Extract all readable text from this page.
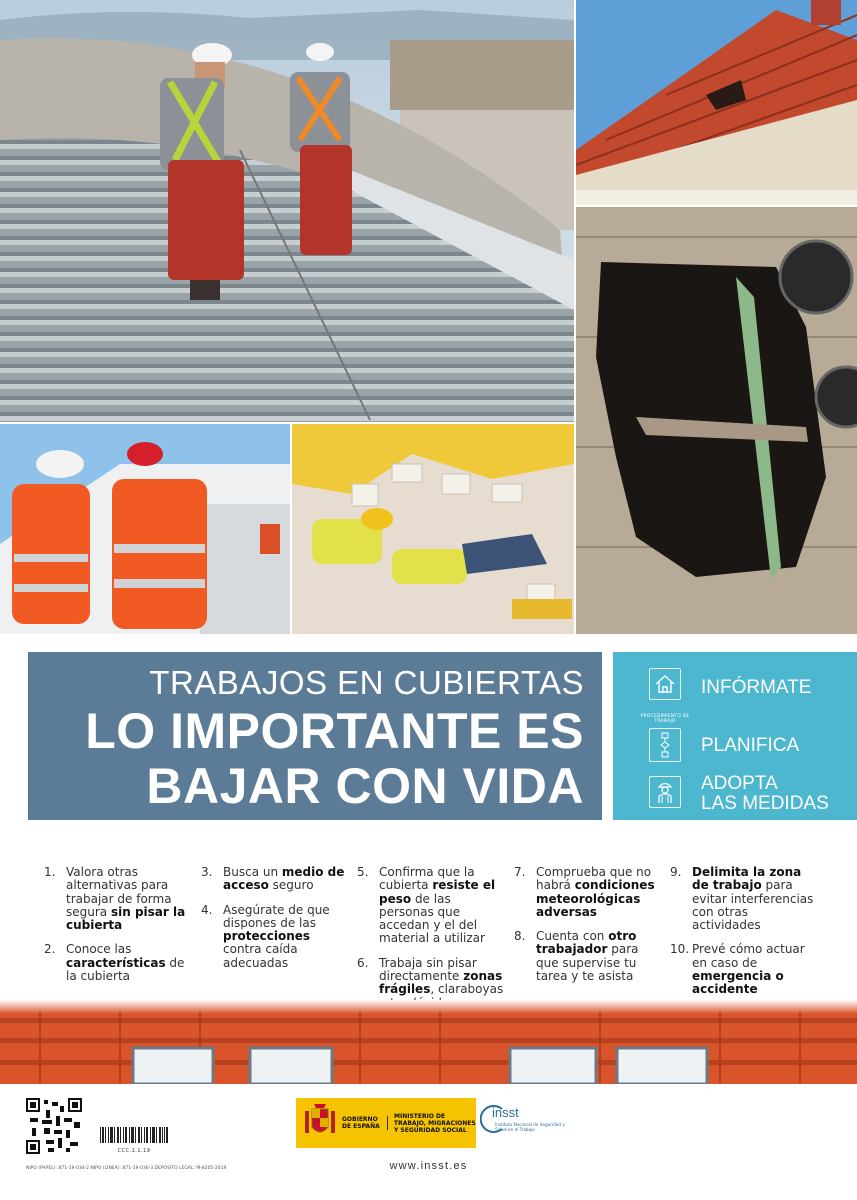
TRABAJOS EN CUBIERTAS
LO IMPORTANTE ES
BAJAR CON VIDA
INFÓRMATE
PROCEDIMIENTO DE TRABAJO
PLANIFICA
ADOPTA
LAS MEDIDAS
1. Valora otras alternativas para trabajar de forma segura sin pisar la cubierta
2. Conoce las características de la cubierta
3. Busca un medio de acceso seguro
4. Asegúrate de que dispones de las protecciones contra caída adecuadas
5. Confirma que la cubierta resiste el peso de las personas que accedan y el del material a utilizar
6. Trabaja sin pisar directamente zonas frágiles, claraboyas
7. Comprueba que no habrá condiciones meteorológicas adversas
8. Cuenta con otro trabajador para que supervise tu tarea y te asista
9. Delimita la zona de trabajo para evitar interferencias con otras actividades
10. Prevé cómo actuar en caso de emergencia o accidente
CCC.1.1.19
NIPO (PAPEL): 871-19-034-2 NIPO (LÍNEA): 871-19-036-3 DEPÓSITO LEGAL: M-8205-2019
GOBIERNO DE ESPAÑA
MINISTERIO DE TRABAJO, MIGRACIONES Y SEGURIDAD SOCIAL
insst
Instituto Nacional de Seguridad y Salud en el Trabajo
www.insst.es
